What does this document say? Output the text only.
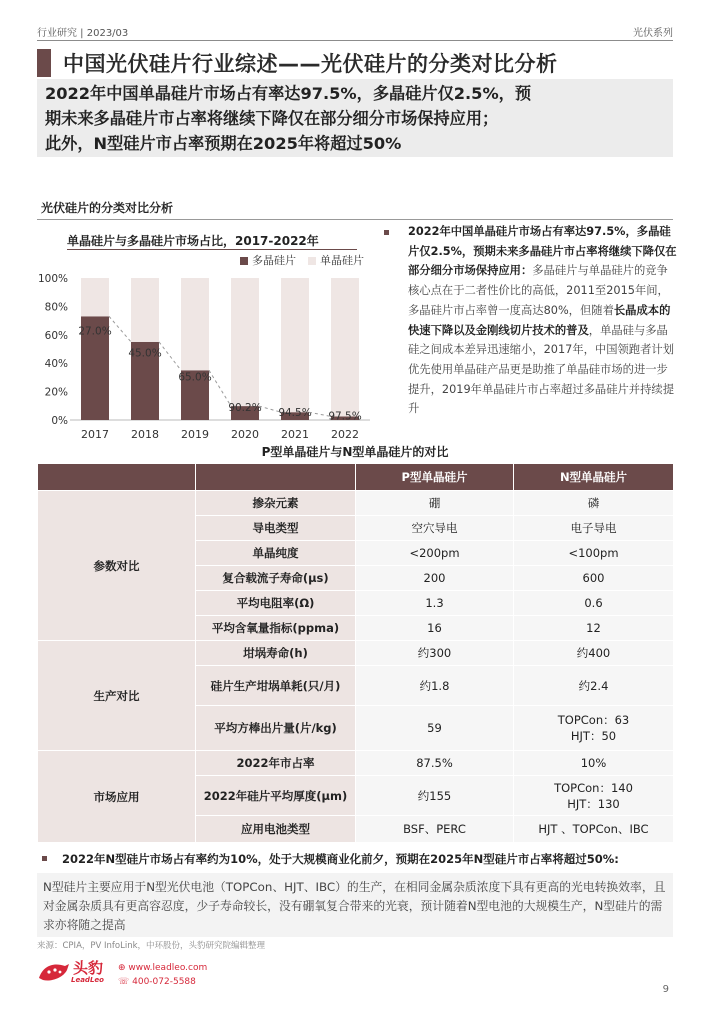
行业研究 | 2023/03	光伏系列
中国光伏硅片行业综述——光伏硅片的分类对比分析
2022年中国单晶硅片市场占有率达97.5%，多晶硅片仅2.5%，预
期未来多晶硅片市占率将继续下降仅在部分细分市场保持应用；
此外，N型硅片市占率预期在2025年将超过50%
光伏硅片的分类对比分析
单晶硅片与多晶硅片市场占比，2017-2022年
多晶硅片	单晶硅片
0%
20%
40%
60%
80%
100%
2017
27.0%
2018
45.0%
2019
65.0%
2020
90.2%
2021
94.5%
2022
97.5%
2022年中国单晶硅片市场占有率达97.5%，多晶硅片仅2.5%，预期未来多晶硅片市占率将继续下降仅在部分细分市场保持应用：多晶硅片与单晶硅片的竞争核心点在于二者性价比的高低，2011至2015年间，多晶硅片市占率曾一度高达80%，但随着长晶成本的快速下降以及金刚线切片技术的普及，单晶硅与多晶硅之间成本差异迅速缩小，2017年，中国领跑者计划优先使用单晶硅产品更是助推了单晶硅市场的进一步提升，2019年单晶硅片市占率超过多晶硅片并持续提升
P型单晶硅片与N型单晶硅片的对比
		P型单晶硅片	N型单晶硅片
参数对比	掺杂元素	硼	磷
	导电类型	空穴导电	电子导电
	单晶纯度	<200pm	<100pm
	复合载流子寿命(μs)	200	600
	平均电阻率(Ω)	1.3	0.6
	平均含氧量指标(ppma)	16	12
生产对比	坩埚寿命(h)	约300	约400
	硅片生产坩埚单耗(只/月)	约1.8	约2.4
	平均方棒出片量(片/kg)	59	TOPCon：63
HJT：50

市场应用	2022年市占率	87.5%	10%
	2022年硅片平均厚度(μm)	约155	TOPCon：140
HJT：130

	应用电池类型	BSF、PERC	HJT 、TOPCon、IBC
2022年N型硅片市场占有率约为10%，处于大规模商业化前夕，预期在2025年N型硅片市占率将超过50%:
N型硅片主要应用于N型光伏电池（TOPCon、HJT、IBC）的生产，在相同金属杂质浓度下具有更高的光电转换效率，且对金属杂质具有更高容忍度，少子寿命较长，没有硼氧复合带来的光衰，预计随着N型电池的大规模生产，N型硅片的需求亦将随之提高
来源：CPIA，PV InfoLink，中环股份，头豹研究院编辑整理
头豹
LeadLeo
⊕ www.leadleo.com
☏ 400-072-5588
9
